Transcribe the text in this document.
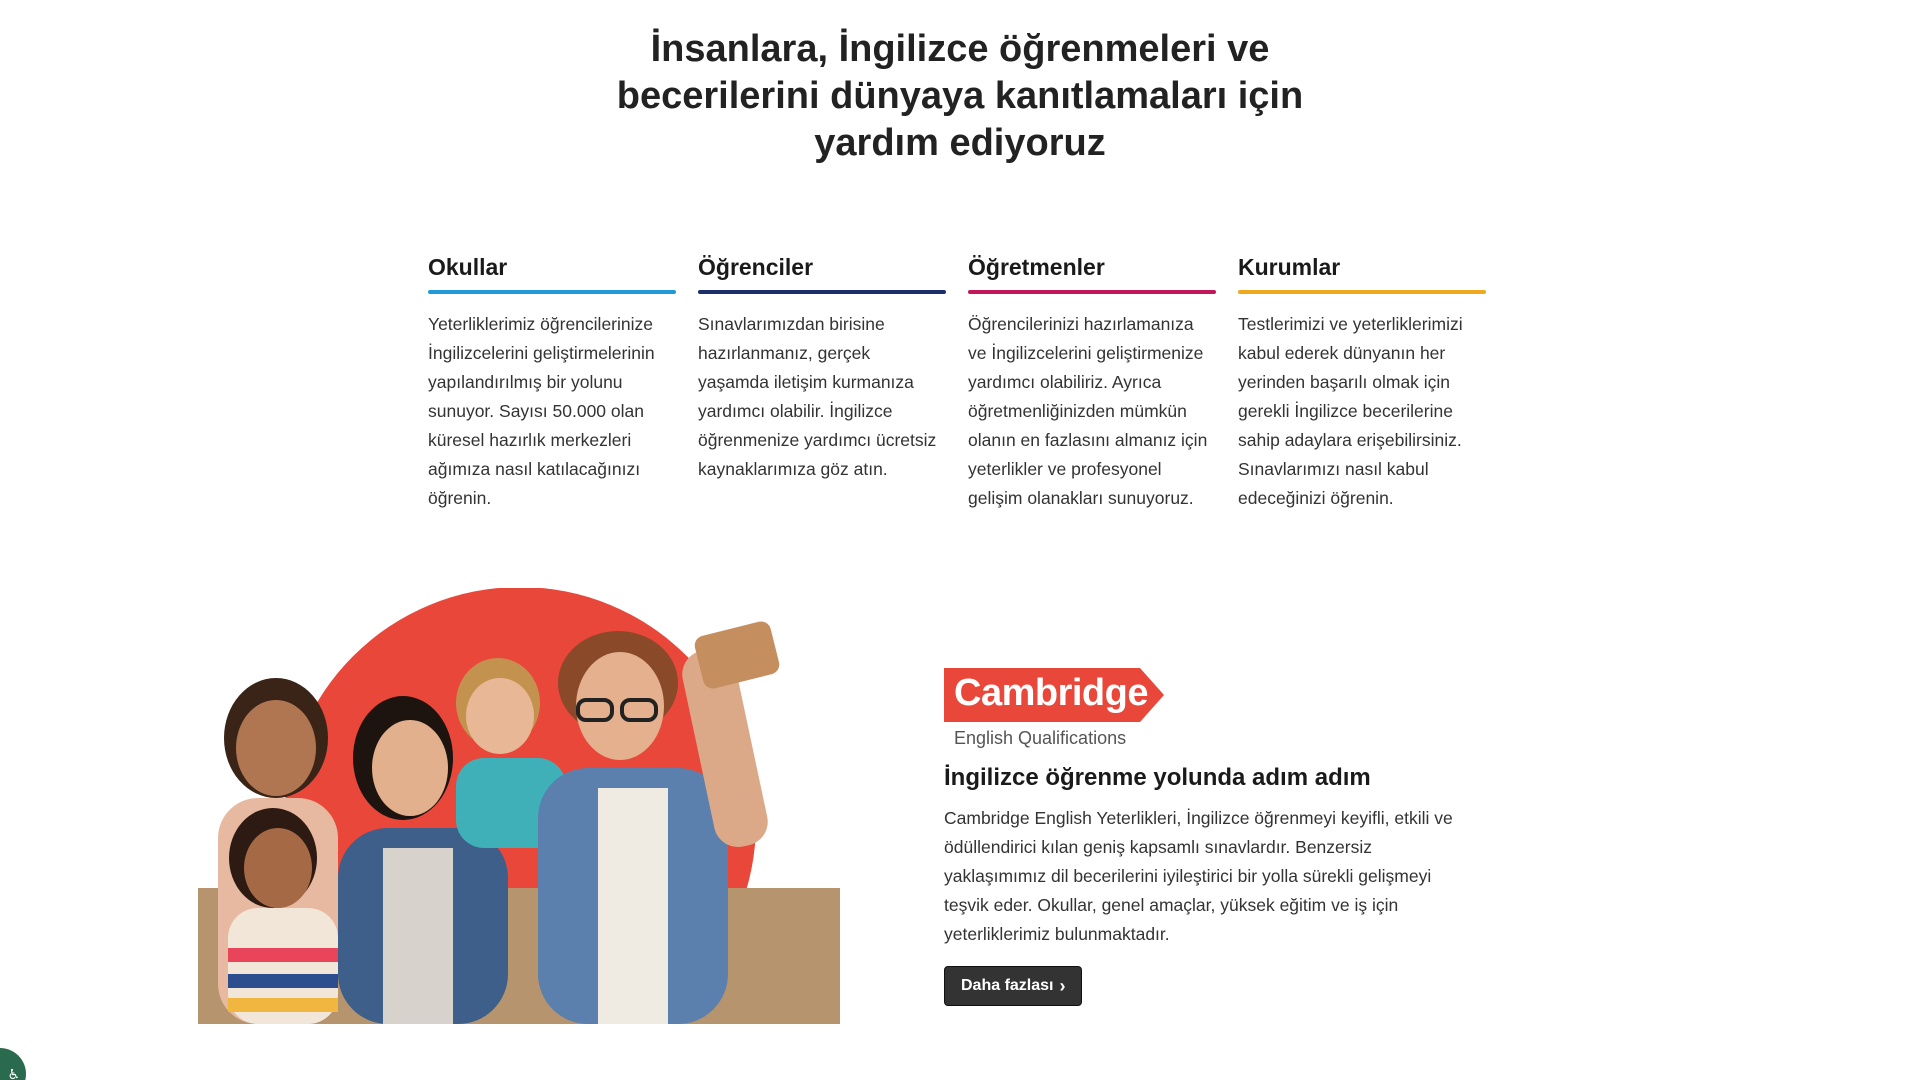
İnsanlara, İngilizce öğrenmeleri ve becerilerini dünyaya kanıtlamaları için yardım ediyoruz
Okullar

Yeterliklerimiz öğrencilerinize İngilizcelerini geliştirmelerinin yapılandırılmış bir yolunu sunuyor. Sayısı 50.000 olan küresel hazırlık merkezleri ağımıza nasıl katılacağınızı öğrenin.

Öğrenciler

Sınavlarımızdan birisine hazırlanmanız, gerçek yaşamda iletişim kurmanıza yardımcı olabilir. İngilizce öğrenmenize yardımcı ücretsiz kaynaklarımıza göz atın.

Öğretmenler

Öğrencilerinizi hazırlamanıza ve İngilizcelerini geliştirmenize yardımcı olabiliriz. Ayrıca öğretmenliğinizden mümkün olanın en fazlasını almanız için yeterlikler ve profesyonel gelişim olanakları sunuyoruz.

Kurumlar

Testlerimizi ve yeterliklerimizi kabul ederek dünyanın her yerinden başarılı olmak için gerekli İngilizce becerilerine sahip adaylara erişebilirsiniz. Sınavlarımızı nasıl kabul edeceğinizi öğrenin.

Cambridge
English Qualifications
İngilizce öğrenme yolunda adım adım

Cambridge English Yeterlikleri, İngilizce öğrenmeyi keyifli, etkili ve ödüllendirici kılan geniş kapsamlı sınavlardır. Benzersiz yaklaşımımız dil becerilerini iyileştirici bir yolla sürekli gelişmeyi teşvik eder. Okullar, genel amaçlar, yüksek eğitim ve iş için yeterliklerimiz bulunmaktadır.

Daha fazlası ›
♿
